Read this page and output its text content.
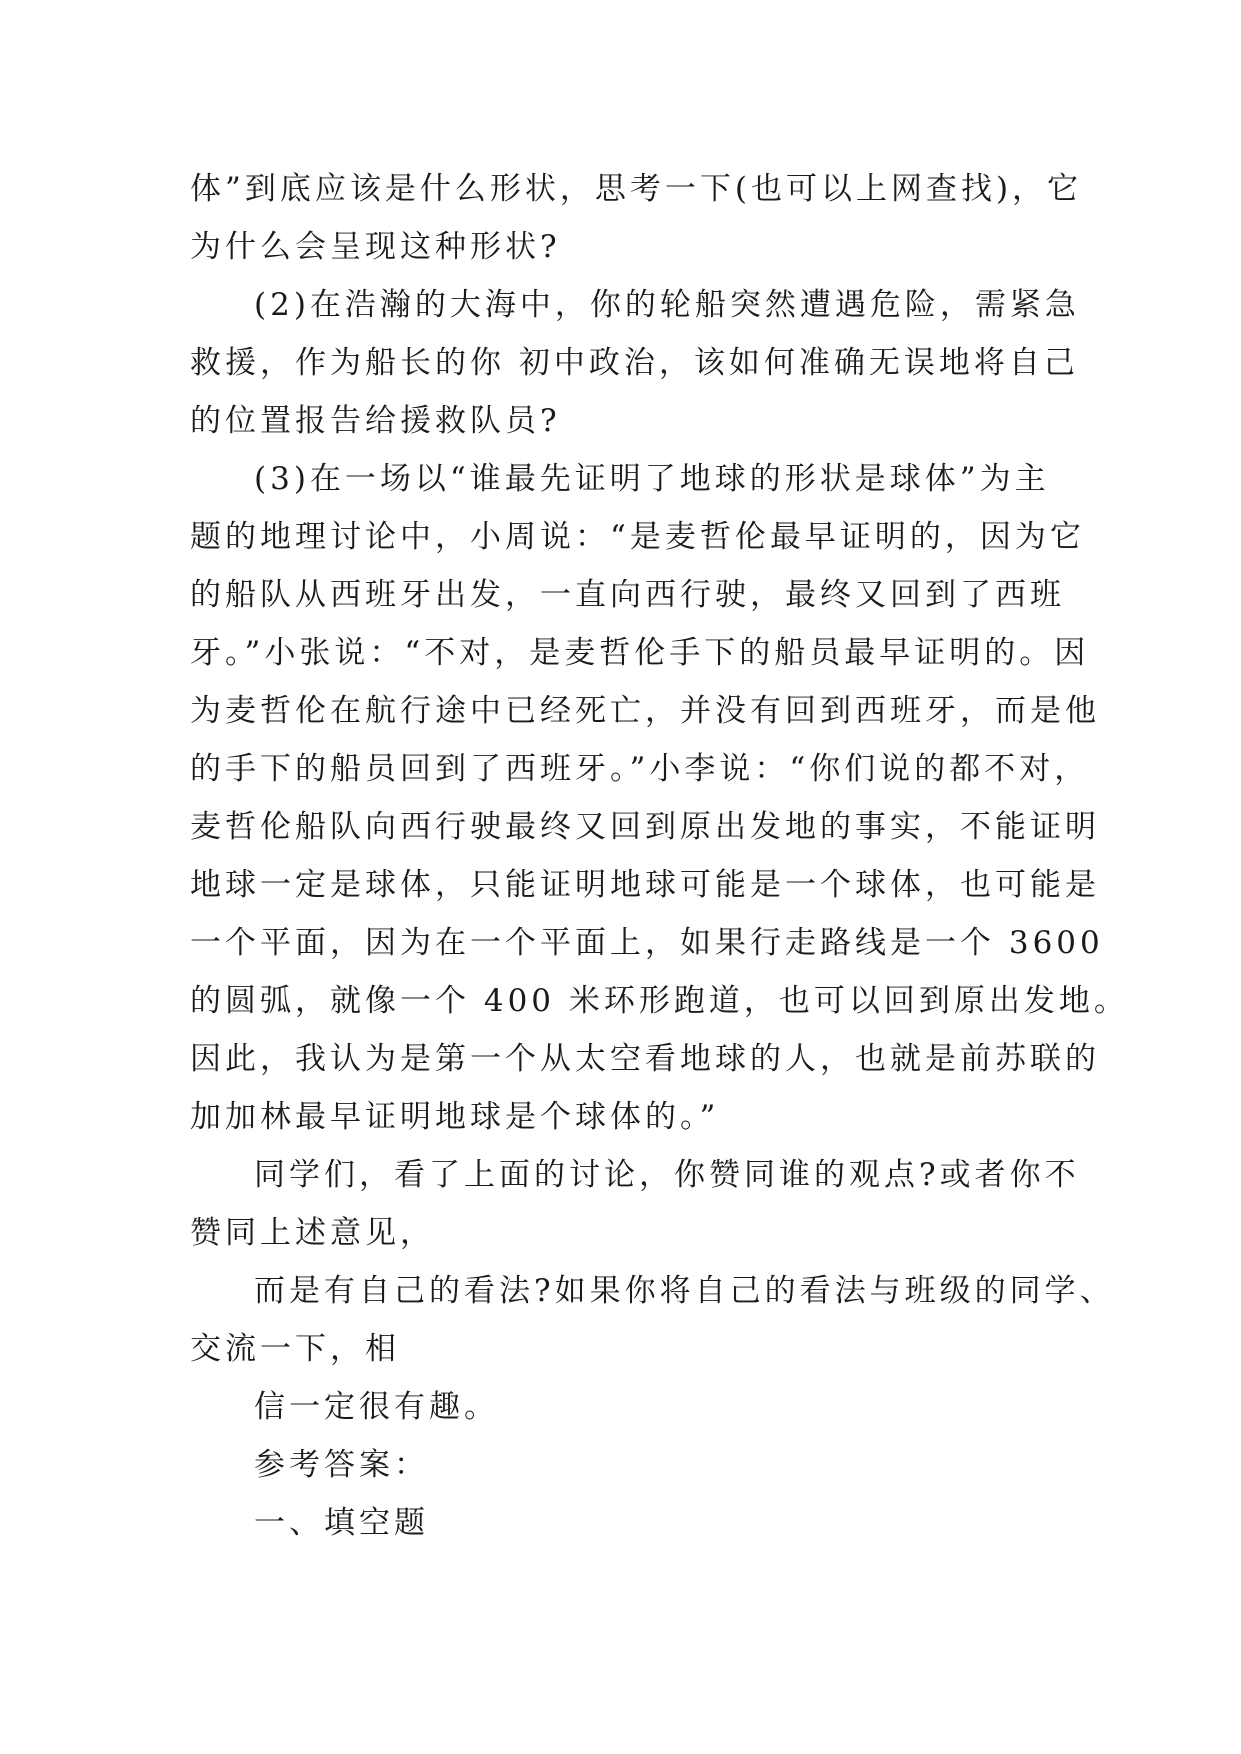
体”到底应该是什么形状，思考一下(也可以上网查找)，它
为什么会呈现这种形状?
(2)在浩瀚的大海中，你的轮船突然遭遇危险，需紧急
救援，作为船长的你 初中政治，该如何准确无误地将自己
的位置报告给援救队员?
(3)在一场以“谁最先证明了地球的形状是球体”为主
题的地理讨论中，小周说：“是麦哲伦最早证明的，因为它
的船队从西班牙出发，一直向西行驶，最终又回到了西班
牙。”小张说：“不对，是麦哲伦手下的船员最早证明的。因
为麦哲伦在航行途中已经死亡，并没有回到西班牙，而是他
的手下的船员回到了西班牙。”小李说：“你们说的都不对，
麦哲伦船队向西行驶最终又回到原出发地的事实，不能证明
地球一定是球体，只能证明地球可能是一个球体，也可能是
一个平面，因为在一个平面上，如果行走路线是一个 3600
的圆弧，就像一个 400 米环形跑道，也可以回到原出发地。
因此，我认为是第一个从太空看地球的人，也就是前苏联的
加加林最早证明地球是个球体的。”
同学们，看了上面的讨论，你赞同谁的观点?或者你不
赞同上述意见，
而是有自己的看法?如果你将自己的看法与班级的同学、
交流一下，相
信一定很有趣。
参考答案：
一、填空题
